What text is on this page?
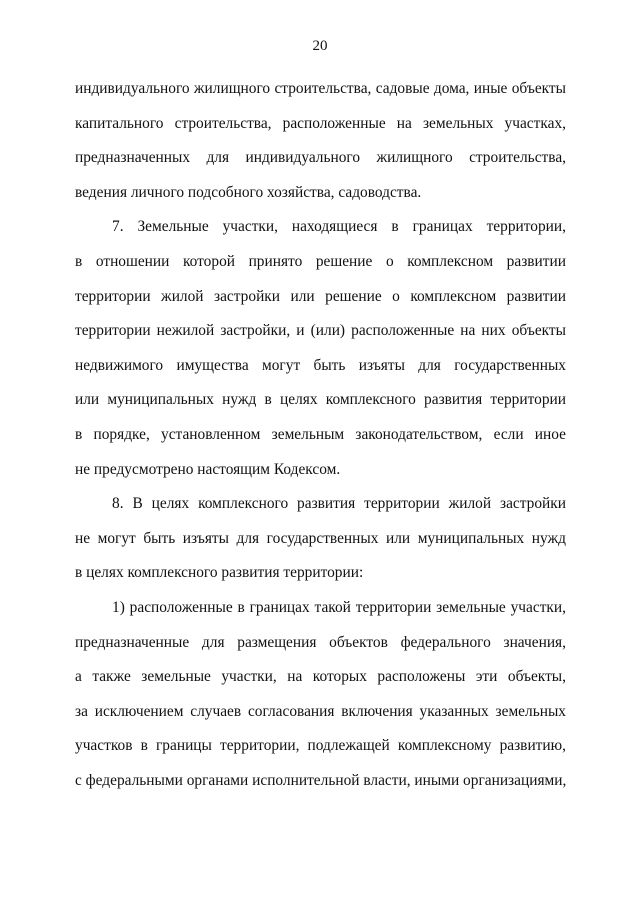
20
индивидуального жилищного строительства, садовые дома, иные объекты
капитального строительства, расположенные на земельных участках,
предназначенных для индивидуального жилищного строительства,
ведения личного подсобного хозяйства, садоводства.
7. Земельные участки, находящиеся в границах территории,
в отношении которой принято решение о комплексном развитии
территории жилой застройки или решение о комплексном развитии
территории нежилой застройки, и (или) расположенные на них объекты
недвижимого имущества могут быть изъяты для государственных
или муниципальных нужд в целях комплексного развития территории
в порядке, установленном земельным законодательством, если иное
не предусмотрено настоящим Кодексом.
8. В целях комплексного развития территории жилой застройки
не могут быть изъяты для государственных или муниципальных нужд
в целях комплексного развития территории:
1) расположенные в границах такой территории земельные участки,
предназначенные для размещения объектов федерального значения,
а также земельные участки, на которых расположены эти объекты,
за исключением случаев согласования включения указанных земельных
участков в границы территории, подлежащей комплексному развитию,
с федеральными органами исполнительной власти, иными организациями,
